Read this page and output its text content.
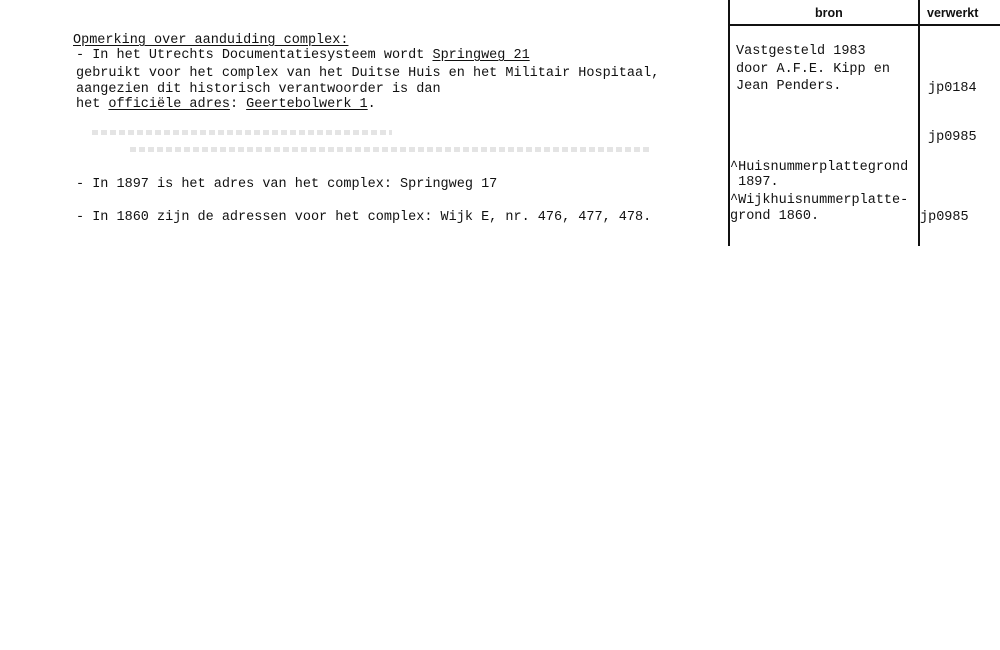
bron	verwerkt
Opmerking over aanduiding complex:
- In het Utrechts Documentatiesysteem wordt Springweg 21
gebruikt voor het complex van het Duitse Huis en het Militair Hospitaal,
aangezien dit historisch verantwoorder is dan
het officiële adres: Geertebolwerk 1.
- In 1897 is het adres van het complex: Springweg 17
- In 1860 zijn de adressen voor het complex: Wijk E, nr. 476, 477, 478.
Vastgesteld 1983
door A.F.E. Kipp en
Jean Penders.
^Huisnummerplattegrond
1897.
^Wijkhuisnummerplatte-
grond 1860.
jp0184
jp0985
jp0985
